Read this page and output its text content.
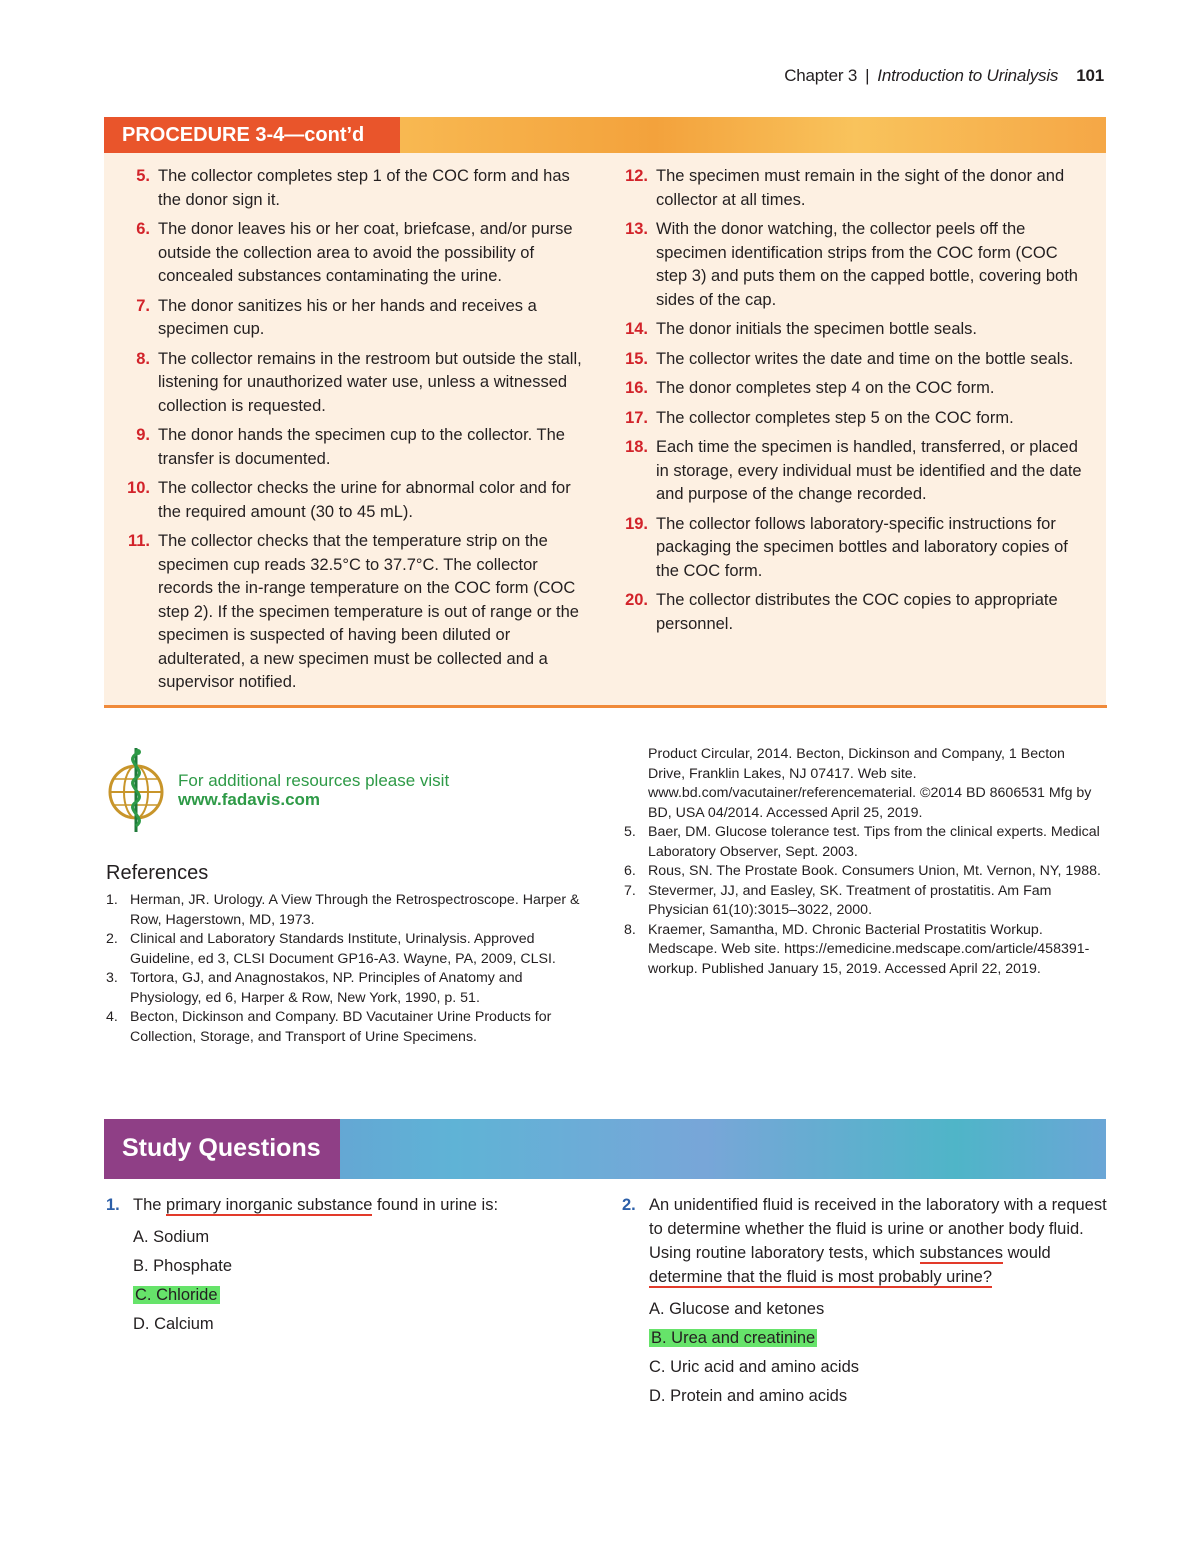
Chapter 3 | Introduction to Urinalysis 101
PROCEDURE 3-4—cont’d
5. The collector completes step 1 of the COC form and has the donor sign it.
6. The donor leaves his or her coat, briefcase, and/or purse outside the collection area to avoid the possibility of concealed substances contaminating the urine.
7. The donor sanitizes his or her hands and receives a specimen cup.
8. The collector remains in the restroom but outside the stall, listening for unauthorized water use, unless a witnessed collection is requested.
9. The donor hands the specimen cup to the collector. The transfer is documented.
10. The collector checks the urine for abnormal color and for the required amount (30 to 45 mL).
11. The collector checks that the temperature strip on the specimen cup reads 32.5°C to 37.7°C. The collector records the in-range temperature on the COC form (COC step 2). If the specimen temperature is out of range or the specimen is suspected of having been diluted or adulterated, a new specimen must be collected and a supervisor notified.
12. The specimen must remain in the sight of the donor and collector at all times.
13. With the donor watching, the collector peels off the specimen identification strips from the COC form (COC step 3) and puts them on the capped bottle, covering both sides of the cap.
14. The donor initials the specimen bottle seals.
15. The collector writes the date and time on the bottle seals.
16. The donor completes step 4 on the COC form.
17. The collector completes step 5 on the COC form.
18. Each time the specimen is handled, transferred, or placed in storage, every individual must be identified and the date and purpose of the change recorded.
19. The collector follows laboratory-specific instructions for packaging the specimen bottles and laboratory copies of the COC form.
20. The collector distributes the COC copies to appropriate personnel.
For additional resources please visit
www.fadavis.com
References
1. Herman, JR. Urology. A View Through the Retrospectroscope. Harper & Row, Hagerstown, MD, 1973.
2. Clinical and Laboratory Standards Institute, Urinalysis. Approved Guideline, ed 3, CLSI Document GP16-A3. Wayne, PA, 2009, CLSI.
3. Tortora, GJ, and Anagnostakos, NP. Principles of Anatomy and Physiology, ed 6, Harper & Row, New York, 1990, p. 51.
4. Becton, Dickinson and Company. BD Vacutainer Urine Products for Collection, Storage, and Transport of Urine Specimens.
Product Circular, 2014. Becton, Dickinson and Company, 1 Becton Drive, Franklin Lakes, NJ 07417. Web site. www.bd.com/vacutainer/referencematerial. ©2014 BD 8606531 Mfg by BD, USA 04/2014. Accessed April 25, 2019.
5. Baer, DM. Glucose tolerance test. Tips from the clinical experts. Medical Laboratory Observer, Sept. 2003.
6. Rous, SN. The Prostate Book. Consumers Union, Mt. Vernon, NY, 1988.
7. Stevermer, JJ, and Easley, SK. Treatment of prostatitis. Am Fam Physician 61(10):3015–3022, 2000.
8. Kraemer, Samantha, MD. Chronic Bacterial Prostatitis Workup. Medscape. Web site. https://emedicine.medscape.com/article/458391-workup. Published January 15, 2019. Accessed April 22, 2019.
Study Questions
1. The primary inorganic substance found in urine is:
A. Sodium
B. Phosphate
C. Chloride
D. Calcium
2. An unidentified fluid is received in the laboratory with a request to determine whether the fluid is urine or another body fluid. Using routine laboratory tests, which substances would determine that the fluid is most probably urine?
A. Glucose and ketones
B. Urea and creatinine
C. Uric acid and amino acids
D. Protein and amino acids
